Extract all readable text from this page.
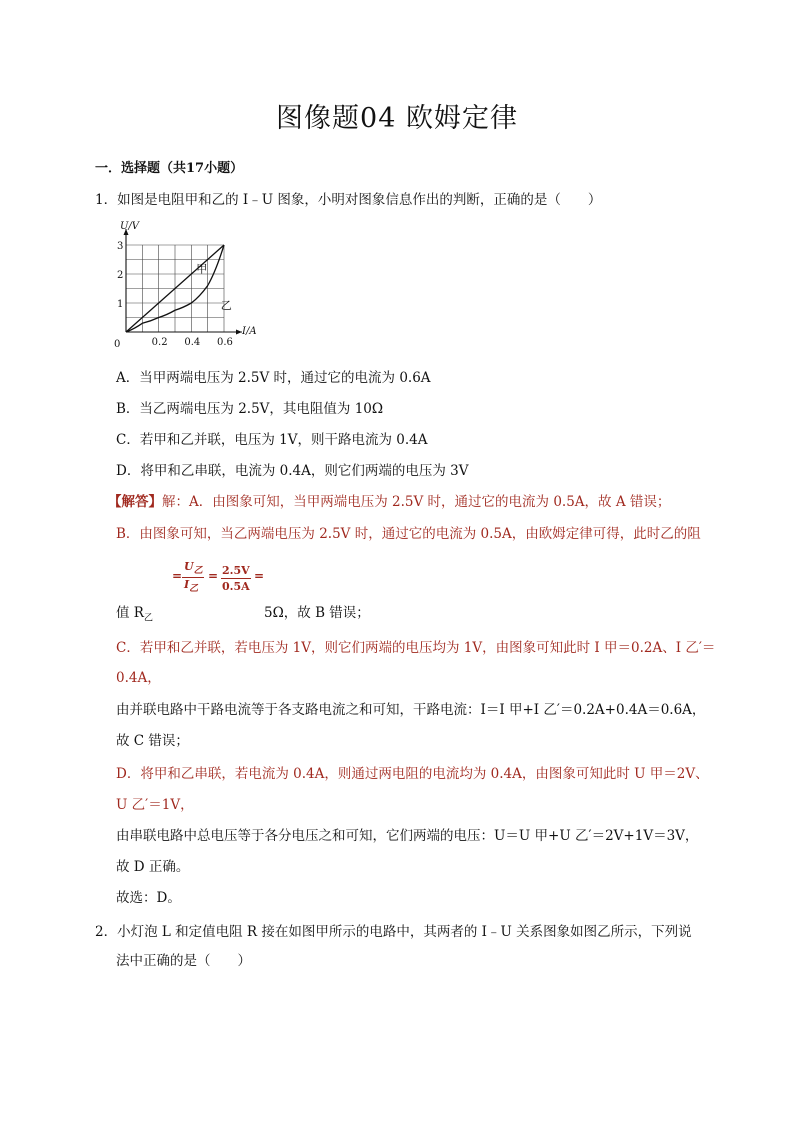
图像题04 欧姆定律
一．选择题（共17小题）
1．如图是电阻甲和乙的 I﹣U 图象，小明对图象信息作出的判断，正确的是（　　）
甲
乙
0.2 0.4 0.6
1
2
3
0
I/A
U/V
A．当甲两端电压为 2.5V 时，通过它的电流为 0.6A
B．当乙两端电压为 2.5V，其电阻值为 10Ω
C．若甲和乙并联，电压为 1V，则干路电流为 0.4A
D．将甲和乙串联，电流为 0.4A，则它们两端的电压为 3V
【解答】解：A．由图象可知，当甲两端电压为 2.5V 时，通过它的电流为 0.5A，故 A 错误；
B．由图象可知，当乙两端电压为 2.5V 时，通过它的电流为 0.5A，由欧姆定律可得，此时乙的阻
$U_乙$
$I_乙$
= = 2.5V
0.5A
=
值 $R_乙$	5Ω，故 B 错误；
C．若甲和乙并联，若电压为 1V，则它们两端的电压均为 1V，由图象可知此时 I 甲＝0.2A、I 乙′＝
0.4A，
由并联电路中干路电流等于各支路电流之和可知，干路电流：I＝I 甲+I 乙′＝0.2A+0.4A＝0.6A，
故 C 错误；
D．将甲和乙串联，若电流为 0.4A，则通过两电阻的电流均为 0.4A，由图象可知此时 U 甲＝2V、
U 乙′＝1V，
由串联电路中总电压等于各分电压之和可知，它们两端的电压：U＝U 甲+U 乙′＝2V+1V＝3V，
故 D 正确。
故选：D。
2．小灯泡 L 和定值电阻 R 接在如图甲所示的电路中，其两者的 I﹣U 关系图象如图乙所示，下列说
法中正确的是（　　）
